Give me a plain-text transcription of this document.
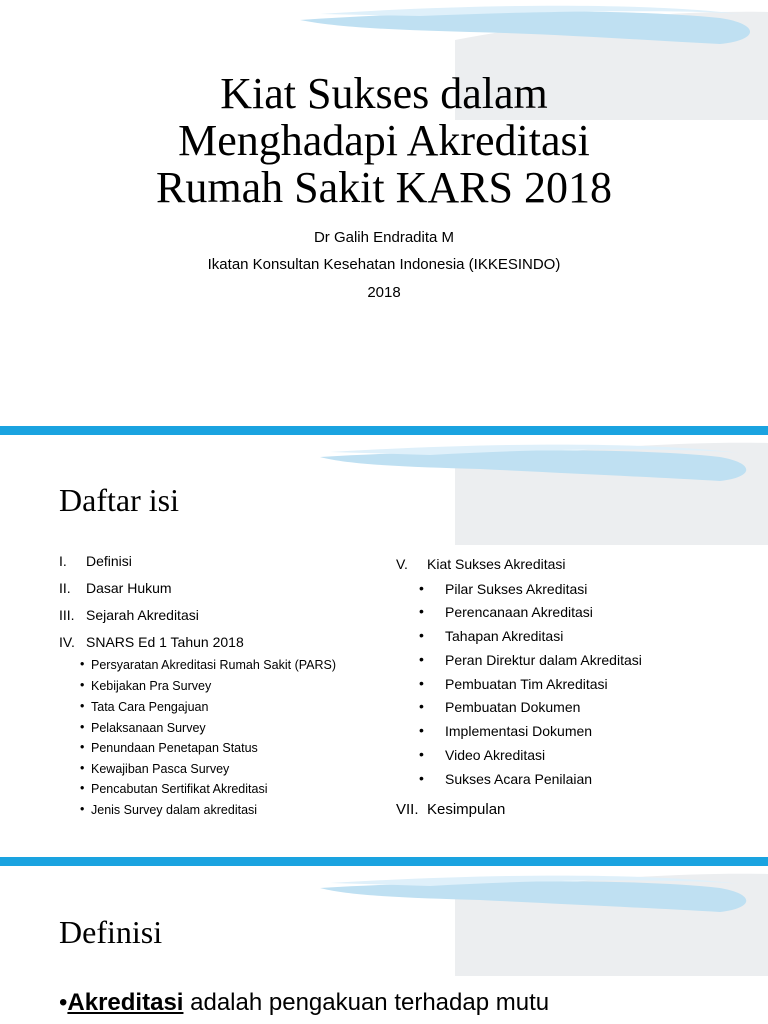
Kiat Sukses dalam
Menghadapi Akreditasi
Rumah Sakit KARS 2018
Dr Galih Endradita M
Ikatan Konsultan Kesehatan Indonesia (IKKESINDO)
2018
Daftar isi
I. Definisi
II. Dasar Hukum
III. Sejarah Akreditasi
IV. SNARS Ed 1 Tahun 2018
• Persyaratan Akreditasi Rumah Sakit (PARS)
• Kebijakan Pra Survey
• Tata Cara Pengajuan
• Pelaksanaan Survey
• Penundaan Penetapan Status
• Kewajiban Pasca Survey
• Pencabutan Sertifikat Akreditasi
• Jenis Survey dalam akreditasi
V. Kiat Sukses Akreditasi
• Pilar Sukses Akreditasi
• Perencanaan Akreditasi
• Tahapan Akreditasi
• Peran Direktur dalam Akreditasi
• Pembuatan Tim Akreditasi
• Pembuatan Dokumen
• Implementasi Dokumen
• Video Akreditasi
• Sukses Acara Penilaian
VII. Kesimpulan
Definisi
•Akreditasi adalah pengakuan terhadap mutu
